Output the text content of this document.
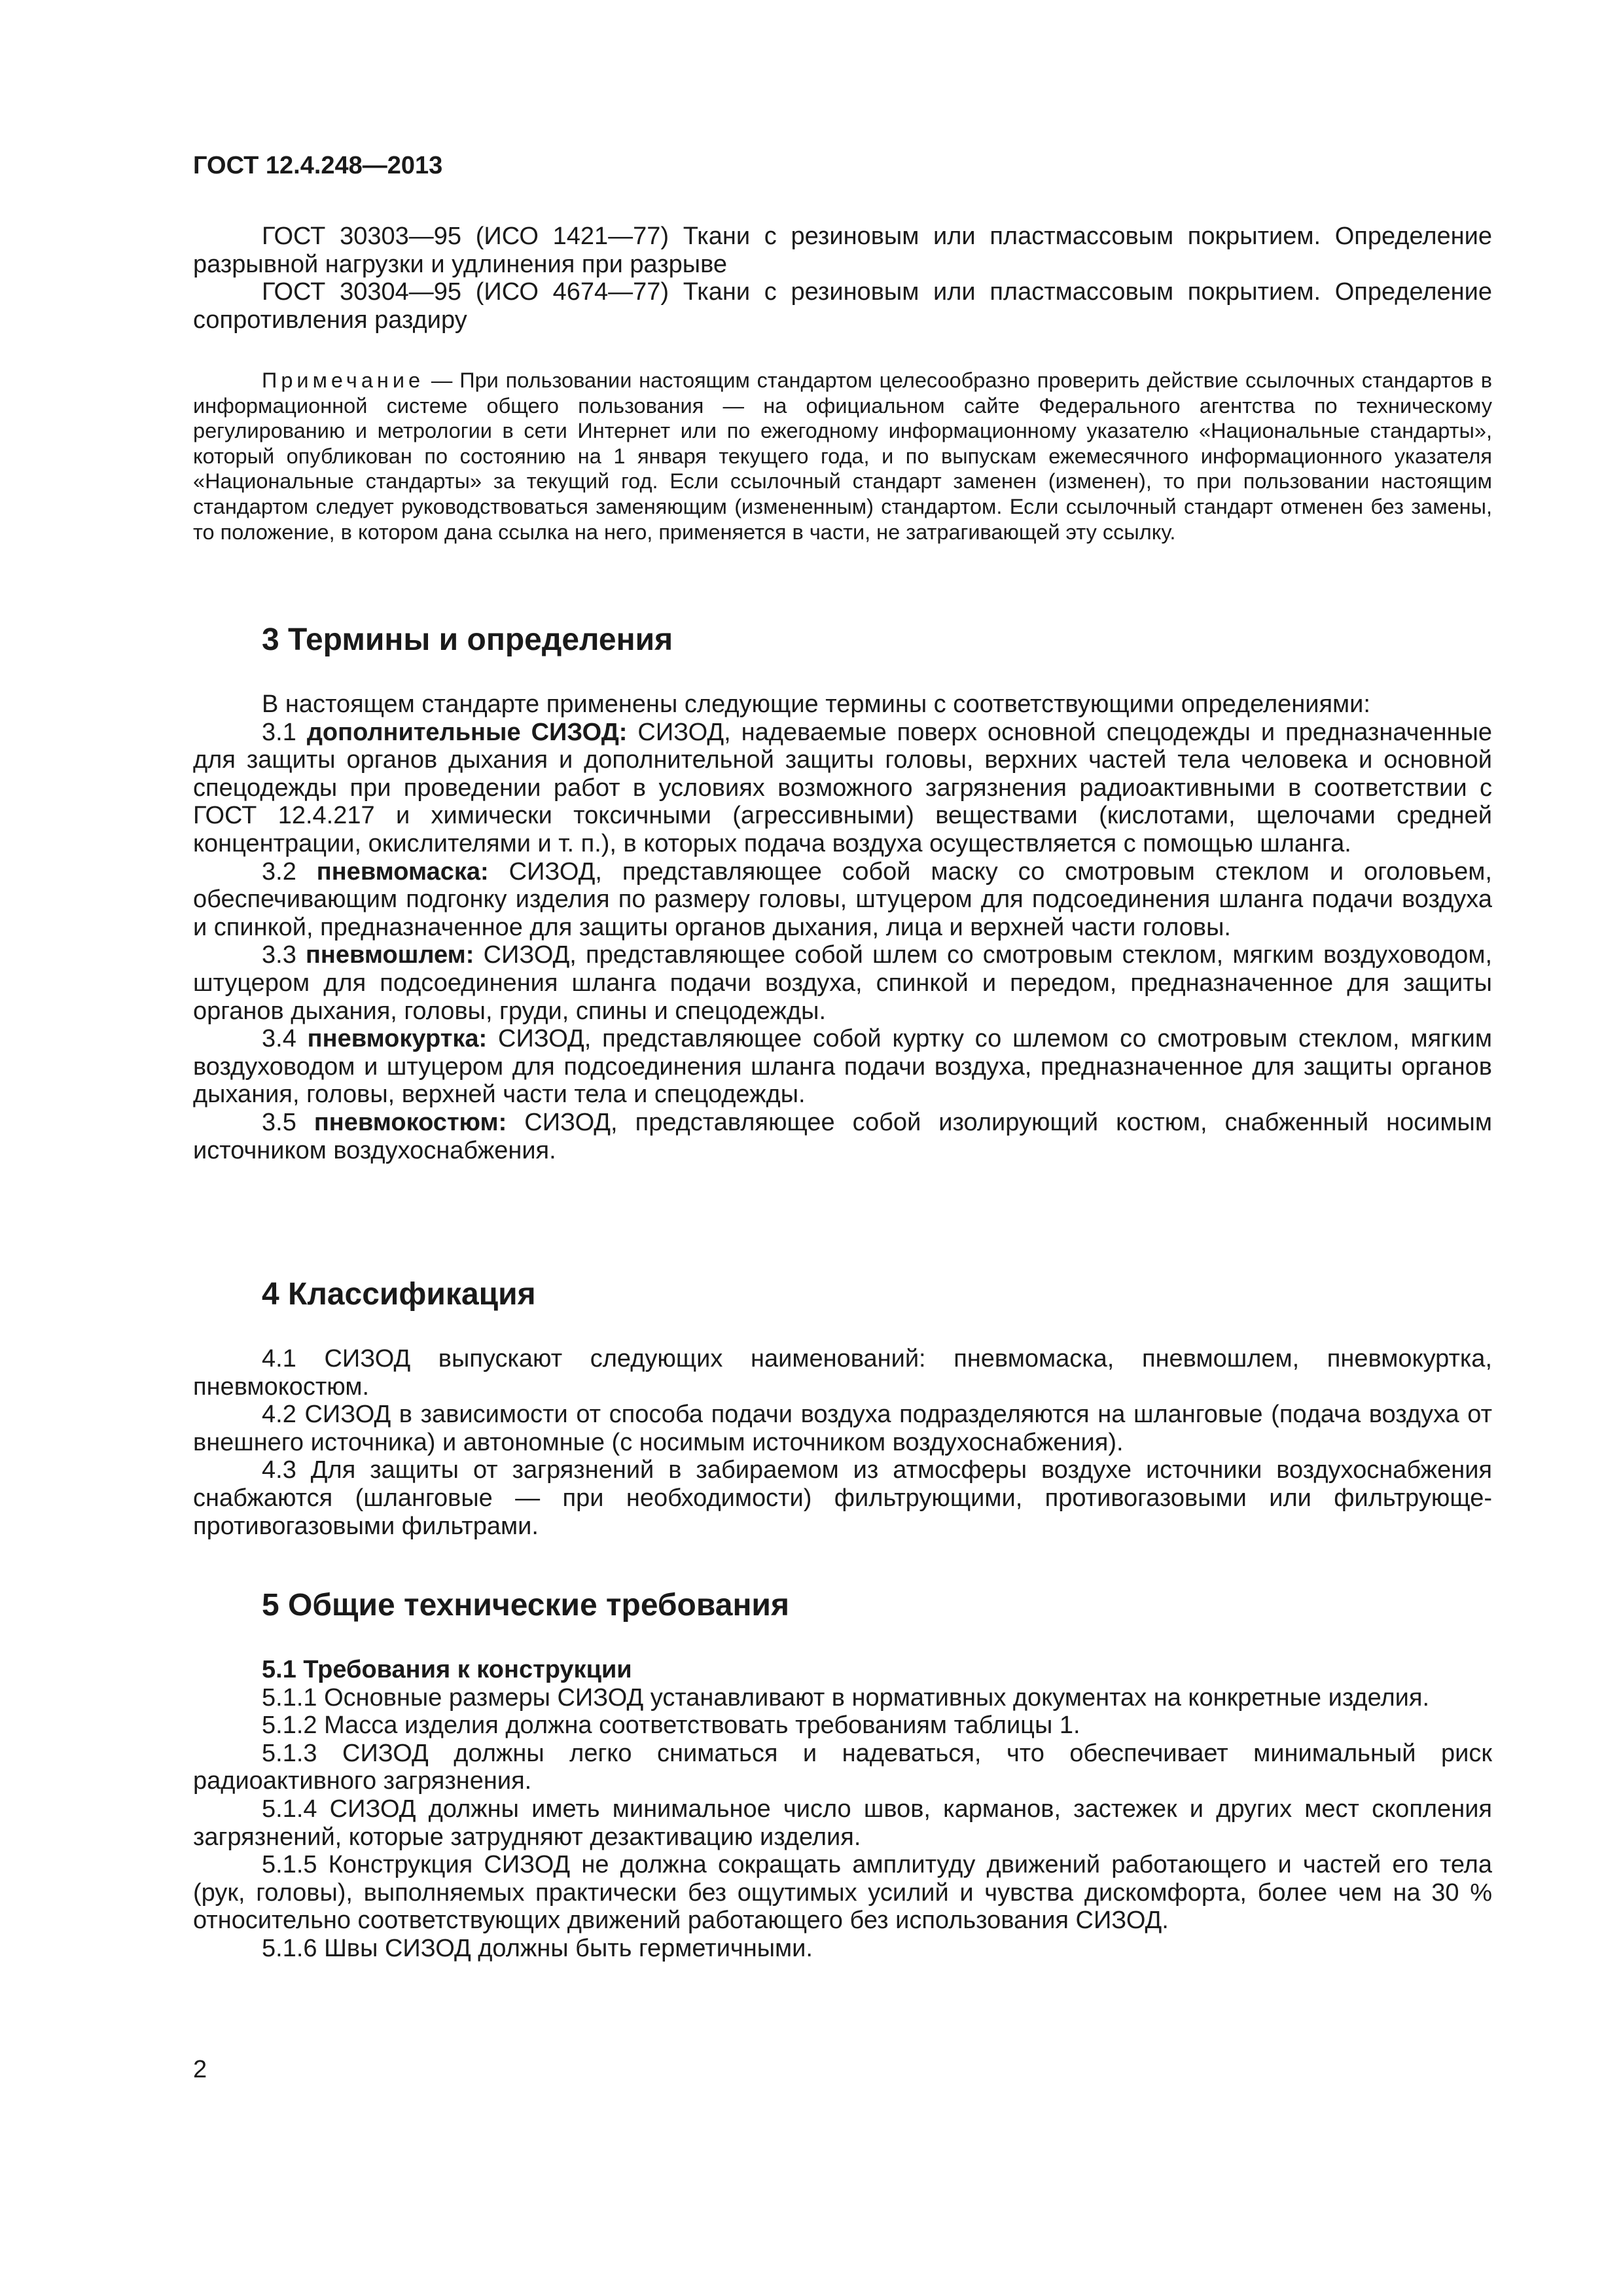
ГОСТ 12.4.248—2013

ГОСТ 30303—95 (ИСО 1421—77) Ткани с резиновым или пластмассовым покрытием. Определение разрывной нагрузки и удлинения при разрыве

ГОСТ 30304—95 (ИСО 4674—77) Ткани с резиновым или пластмассовым покрытием. Определение сопротивления раздиру

Примечание — При пользовании настоящим стандартом целесообразно проверить действие ссылочных стандартов в информационной системе общего пользования — на официальном сайте Федерального агентства по техническому регулированию и метрологии в сети Интернет или по ежегодному информационному указателю «Национальные стандарты», который опубликован по состоянию на 1 января текущего года, и по выпускам ежемесячного информационного указателя «Национальные стандарты» за текущий год. Если ссылочный стандарт заменен (изменен), то при пользовании настоящим стандартом следует руководствоваться заменяющим (измененным) стандартом. Если ссылочный стандарт отменен без замены, то положение, в котором дана ссылка на него, применяется в части, не затрагивающей эту ссылку.

3 Термины и определения

В настоящем стандарте применены следующие термины с соответствующими определениями:

3.1 дополнительные СИЗОД: СИЗОД, надеваемые поверх основной спецодежды и предназначенные для защиты органов дыхания и дополнительной защиты головы, верхних частей тела человека и основной спецодежды при проведении работ в условиях возможного загрязнения радиоактивными в соответствии с ГОСТ 12.4.217 и химически токсичными (агрессивными) веществами (кислотами, щелочами средней концентрации, окислителями и т. п.), в которых подача воздуха осуществляется с помощью шланга.

3.2 пневмомаска: СИЗОД, представляющее собой маску со смотровым стеклом и оголовьем, обеспечивающим подгонку изделия по размеру головы, штуцером для подсоединения шланга подачи воздуха и спинкой, предназначенное для защиты органов дыхания, лица и верхней части головы.

3.3 пневмошлем: СИЗОД, представляющее собой шлем со смотровым стеклом, мягким воздуховодом, штуцером для подсоединения шланга подачи воздуха, спинкой и передом, предназначенное для защиты органов дыхания, головы, груди, спины и спецодежды.

3.4 пневмокуртка: СИЗОД, представляющее собой куртку со шлемом со смотровым стеклом, мягким воздуховодом и штуцером для подсоединения шланга подачи воздуха, предназначенное для защиты органов дыхания, головы, верхней части тела и спецодежды.

3.5 пневмокостюм: СИЗОД, представляющее собой изолирующий костюм, снабженный носимым источником воздухоснабжения.

4 Классификация

4.1 СИЗОД выпускают следующих наименований: пневмомаска, пневмошлем, пневмокуртка, пневмокостюм.

4.2 СИЗОД в зависимости от способа подачи воздуха подразделяются на шланговые (подача воздуха от внешнего источника) и автономные (с носимым источником воздухоснабжения).

4.3 Для защиты от загрязнений в забираемом из атмосферы воздухе источники воздухоснабжения снабжаются (шланговые — при необходимости) фильтрующими, противогазовыми или фильтрующе-противогазовыми фильтрами.

5 Общие технические требования
5.1 Требования к конструкции

5.1.1 Основные размеры СИЗОД устанавливают в нормативных документах на конкретные изделия.

5.1.2 Масса изделия должна соответствовать требованиям таблицы 1.

5.1.3 СИЗОД должны легко сниматься и надеваться, что обеспечивает минимальный риск радиоактивного загрязнения.

5.1.4 СИЗОД должны иметь минимальное число швов, карманов, застежек и других мест скопления загрязнений, которые затрудняют дезактивацию изделия.

5.1.5 Конструкция СИЗОД не должна сокращать амплитуду движений работающего и частей его тела (рук, головы), выполняемых практически без ощутимых усилий и чувства дискомфорта, более чем на 30 % относительно соответствующих движений работающего без использования СИЗОД.

5.1.6 Швы СИЗОД должны быть герметичными.

2
